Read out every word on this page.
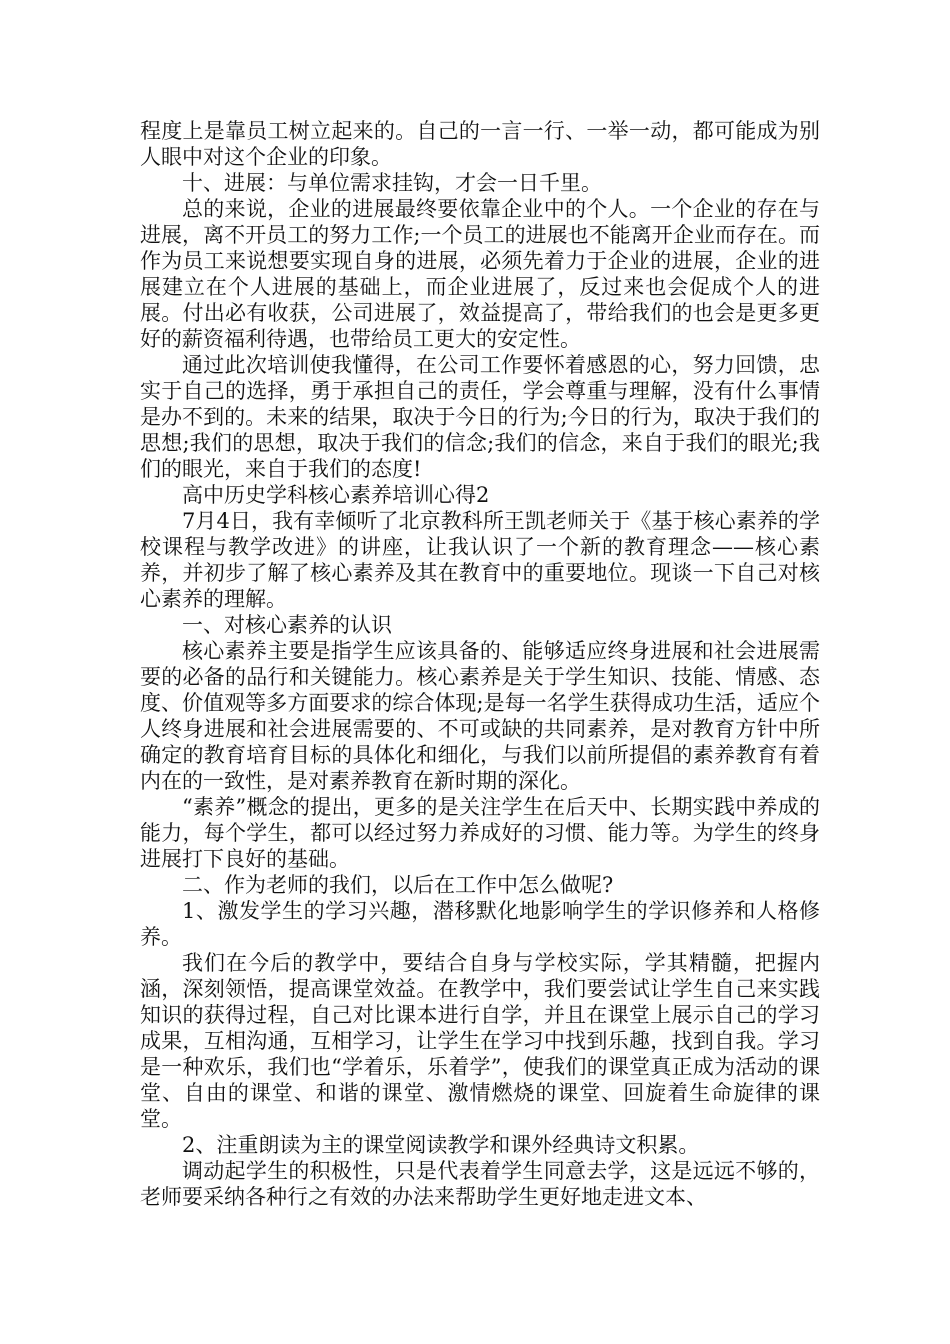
程度上是靠员工树立起来的。自己的一言一行、一举一动，都可能成为别人眼中对这个企业的印象。

十、进展：与单位需求挂钩，才会一日千里。

总的来说，企业的进展最终要依靠企业中的个人。一个企业的存在与进展，离不开员工的努力工作;一个员工的进展也不能离开企业而存在。而作为员工来说想要实现自身的进展，必须先着力于企业的进展，企业的进展建立在个人进展的基础上，而企业进展了，反过来也会促成个人的进展。付出必有收获，公司进展了，效益提高了，带给我们的也会是更多更好的薪资福利待遇，也带给员工更大的安定性。

通过此次培训使我懂得，在公司工作要怀着感恩的心，努力回馈，忠实于自己的选择，勇于承担自己的责任，学会尊重与理解，没有什么事情是办不到的。未来的结果，取决于今日的行为;今日的行为，取决于我们的思想;我们的思想，取决于我们的信念;我们的信念，来自于我们的眼光;我们的眼光，来自于我们的态度!

高中历史学科核心素养培训心得2

7月4日，我有幸倾听了北京教科所王凯老师关于《基于核心素养的学校课程与教学改进》的讲座，让我认识了一个新的教育理念——核心素养，并初步了解了核心素养及其在教育中的重要地位。现谈一下自己对核心素养的理解。

一、对核心素养的认识

核心素养主要是指学生应该具备的、能够适应终身进展和社会进展需要的必备的品行和关键能力。核心素养是关于学生知识、技能、情感、态度、价值观等多方面要求的综合体现;是每一名学生获得成功生活，适应个人终身进展和社会进展需要的、不可或缺的共同素养，是对教育方针中所确定的教育培育目标的具体化和细化，与我们以前所提倡的素养教育有着内在的一致性，是对素养教育在新时期的深化。

“素养”概念的提出，更多的是关注学生在后天中、长期实践中养成的能力，每个学生，都可以经过努力养成好的习惯、能力等。为学生的终身进展打下良好的基础。

二、作为老师的我们，以后在工作中怎么做呢?

1、激发学生的学习兴趣，潜移默化地影响学生的学识修养和人格修养。

我们在今后的教学中，要结合自身与学校实际，学其精髓，把握内涵，深刻领悟，提高课堂效益。在教学中，我们要尝试让学生自己来实践知识的获得过程，自己对比课本进行自学，并且在课堂上展示自己的学习成果，互相沟通，互相学习，让学生在学习中找到乐趣，找到自我。学习是一种欢乐，我们也“学着乐，乐着学”，使我们的课堂真正成为活动的课堂、自由的课堂、和谐的课堂、激情燃烧的课堂、回旋着生命旋律的课堂。

2、注重朗读为主的课堂阅读教学和课外经典诗文积累。

调动起学生的积极性，只是代表着学生同意去学，这是远远不够的，老师要采纳各种行之有效的办法来帮助学生更好地走进文本、
